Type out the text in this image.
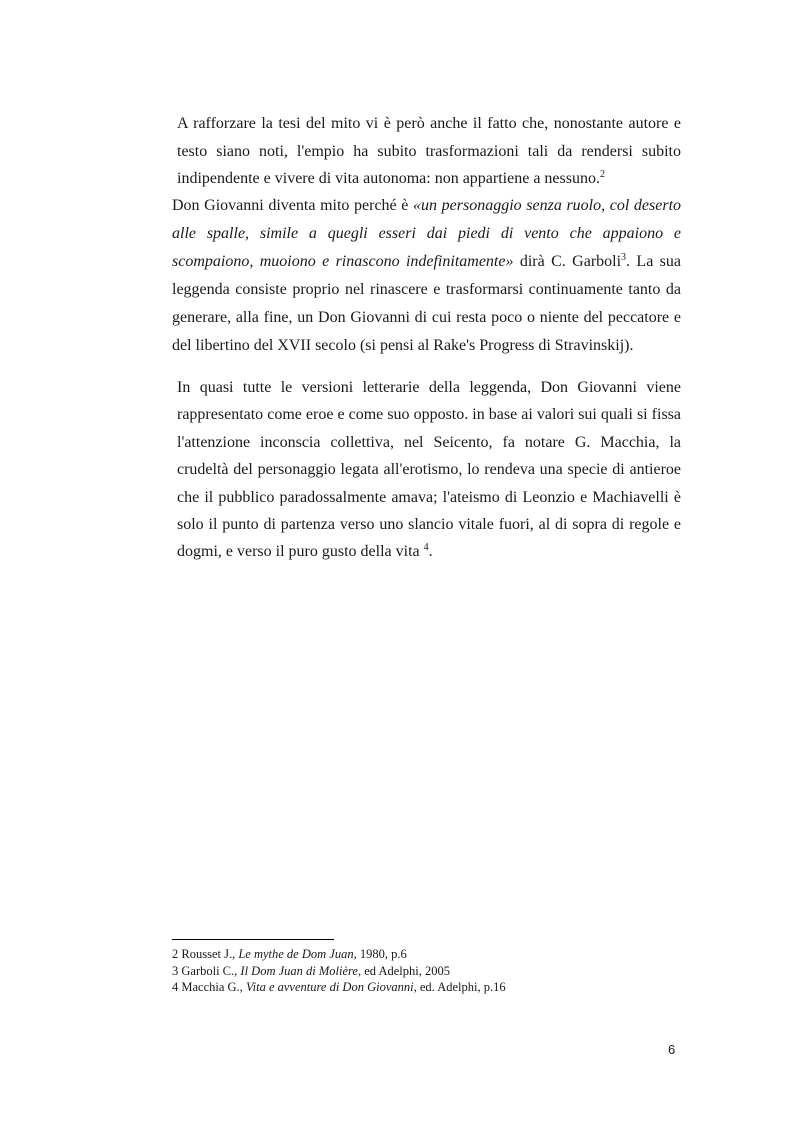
A rafforzare la tesi del mito vi è però anche il fatto che, nonostante autore e testo siano noti, l'empio ha subito trasformazioni tali da rendersi subito indipendente e vivere di vita autonoma: non appartiene a nessuno.$^2$

Don Giovanni diventa mito perché è «un personaggio senza ruolo, col deserto alle spalle, simile a quegli esseri dai piedi di vento che appaiono e scompaiono, muoiono e rinascono indefinitamente» dirà C. Garboli$^3$. La sua leggenda consiste proprio nel rinascere e trasformarsi continuamente tanto da generare, alla fine, un Don Giovanni di cui resta poco o niente del peccatore e del libertino del XVII secolo (si pensi al Rake's Progress di Stravinskij).

In quasi tutte le versioni letterarie della leggenda, Don Giovanni viene rappresentato come eroe e come suo opposto. in base ai valori sui quali si fissa l'attenzione inconscia collettiva, nel Seicento, fa notare G. Macchia, la crudeltà del personaggio legata all'erotismo, lo rendeva una specie di antieroe che il pubblico paradossalmente amava; l'ateismo di Leonzio e Machiavelli è solo il punto di partenza verso uno slancio vitale fuori, al di sopra di regole e dogmi, e verso il puro gusto della vita $^4$.

2 Rousset J., Le mythe de Dom Juan, 1980, p.6

3 Garboli C., Il Dom Juan di Molière, ed Adelphi, 2005

4 Macchia G., Vita e avventure di Don Giovanni, ed. Adelphi, p.16

6
